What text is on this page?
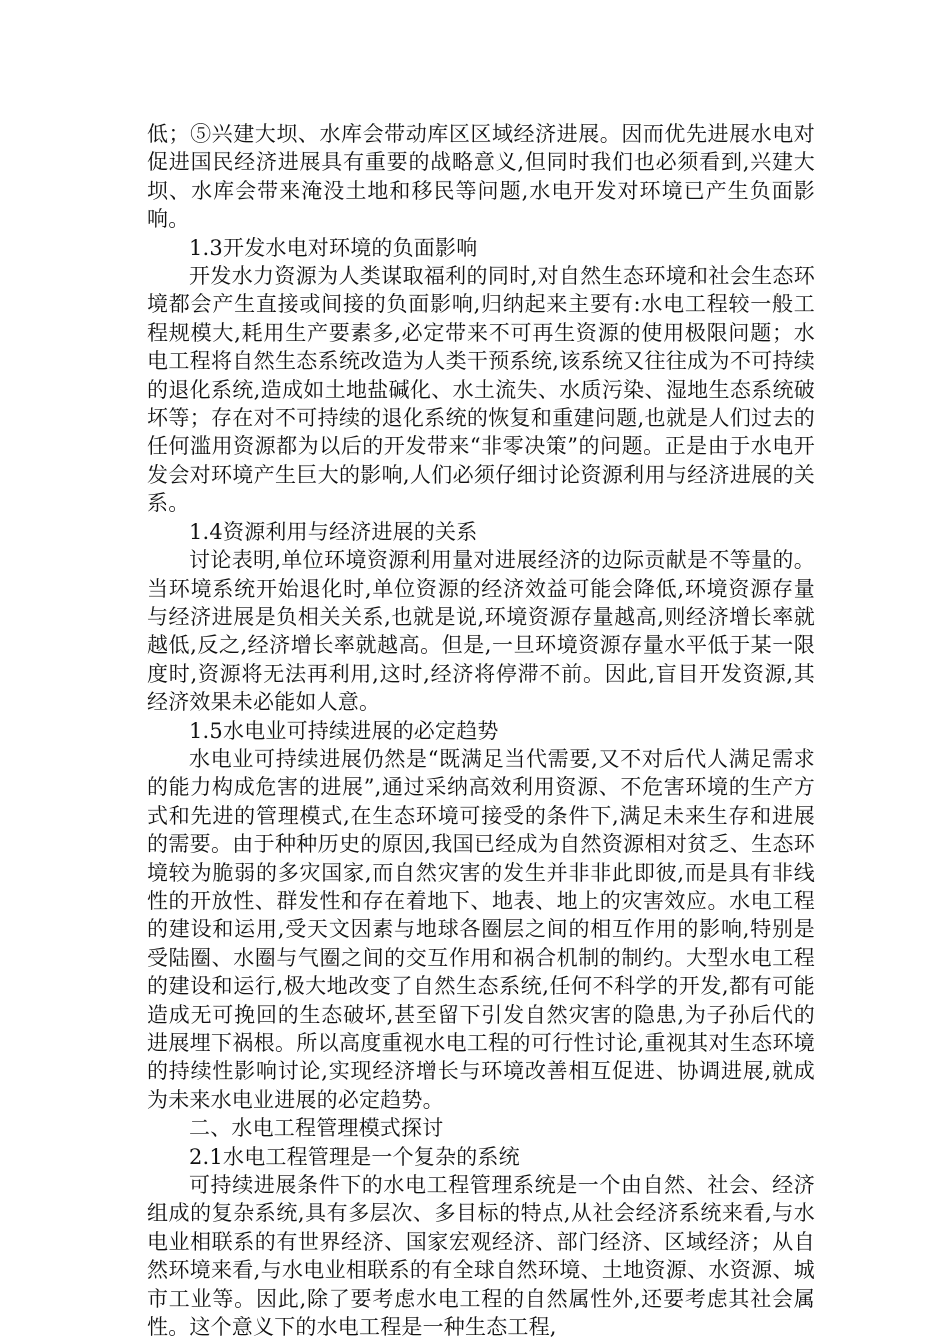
低；⑤兴建大坝、水库会带动库区区域经济进展。因而优先进展水电对促进国民经济进展具有重要的战略意义,但同时我们也必须看到,兴建大坝、水库会带来淹没土地和移民等问题,水电开发对环境已产生负面影响。

1.3开发水电对环境的负面影响

开发水力资源为人类谋取福利的同时,对自然生态环境和社会生态环境都会产生直接或间接的负面影响,归纳起来主要有:水电工程较一般工程规模大,耗用生产要素多,必定带来不可再生资源的使用极限问题；水电工程将自然生态系统改造为人类干预系统,该系统又往往成为不可持续的退化系统,造成如土地盐碱化、水土流失、水质污染、湿地生态系统破坏等；存在对不可持续的退化系统的恢复和重建问题,也就是人们过去的任何滥用资源都为以后的开发带来“非零决策”的问题。正是由于水电开发会对环境产生巨大的影响,人们必须仔细讨论资源利用与经济进展的关系。

1.4资源利用与经济进展的关系

讨论表明,单位环境资源利用量对进展经济的边际贡献是不等量的。当环境系统开始退化时,单位资源的经济效益可能会降低,环境资源存量与经济进展是负相关关系,也就是说,环境资源存量越高,则经济增长率就越低,反之,经济增长率就越高。但是,一旦环境资源存量水平低于某一限度时,资源将无法再利用,这时,经济将停滞不前。因此,盲目开发资源,其经济效果未必能如人意。

1.5水电业可持续进展的必定趋势

水电业可持续进展仍然是“既满足当代需要,又不对后代人满足需求的能力构成危害的进展”,通过采纳高效利用资源、不危害环境的生产方式和先进的管理模式,在生态环境可接受的条件下,满足未来生存和进展的需要。由于种种历史的原因,我国已经成为自然资源相对贫乏、生态环境较为脆弱的多灾国家,而自然灾害的发生并非非此即彼,而是具有非线性的开放性、群发性和存在着地下、地表、地上的灾害效应。水电工程的建设和运用,受天文因素与地球各圈层之间的相互作用的影响,特别是受陆圈、水圈与气圈之间的交互作用和祸合机制的制约。大型水电工程的建设和运行,极大地改变了自然生态系统,任何不科学的开发,都有可能造成无可挽回的生态破坏,甚至留下引发自然灾害的隐患,为子孙后代的进展埋下祸根。所以高度重视水电工程的可行性讨论,重视其对生态环境的持续性影响讨论,实现经济增长与环境改善相互促进、协调进展,就成为未来水电业进展的必定趋势。

二、水电工程管理模式探讨

2.1水电工程管理是一个复杂的系统

可持续进展条件下的水电工程管理系统是一个由自然、社会、经济组成的复杂系统,具有多层次、多目标的特点,从社会经济系统来看,与水电业相联系的有世界经济、国家宏观经济、部门经济、区域经济；从自然环境来看,与水电业相联系的有全球自然环境、土地资源、水资源、城市工业等。因此,除了要考虑水电工程的自然属性外,还要考虑其社会属性。这个意义下的水电工程是一种生态工程,
